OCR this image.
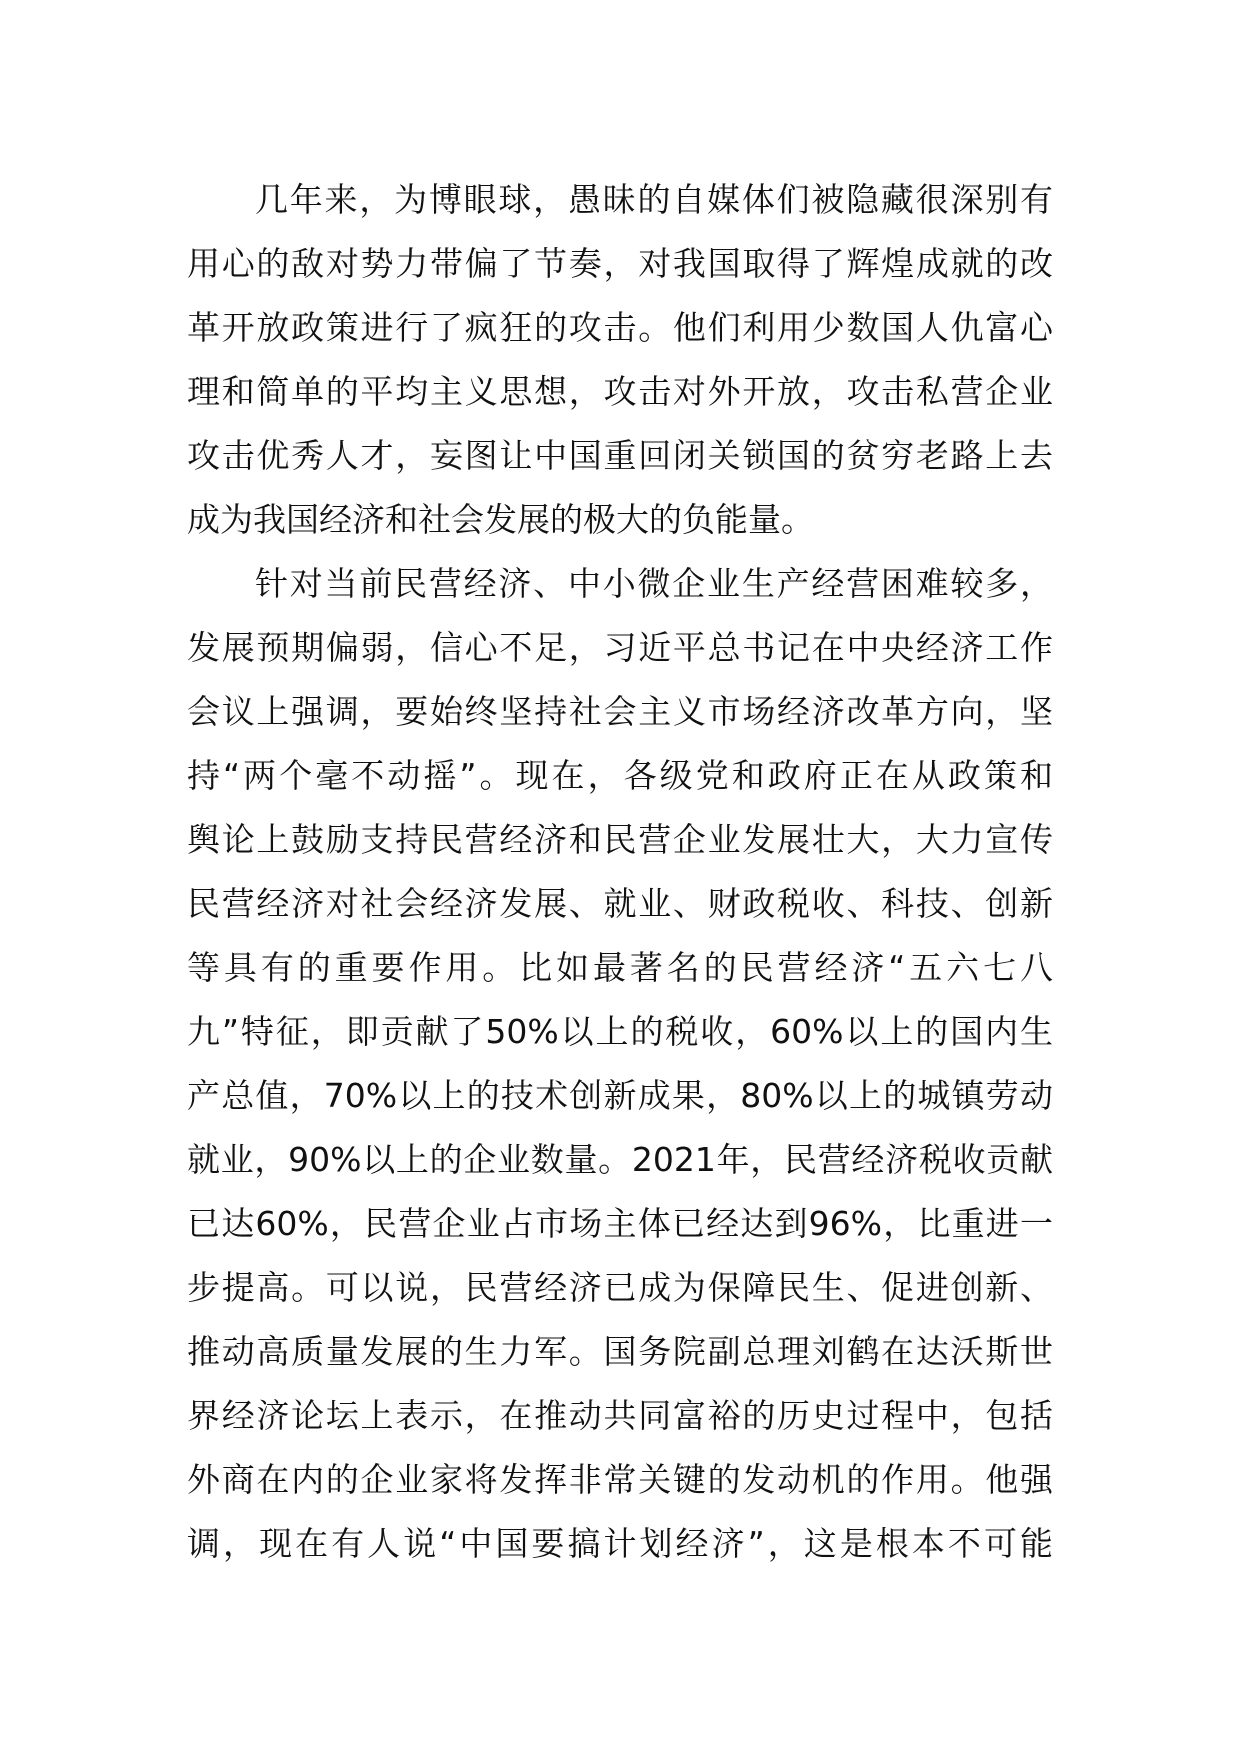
几年来，为博眼球，愚昧的自媒体们被隐藏很深别有
用心的敌对势力带偏了节奏，对我国取得了辉煌成就的改
革开放政策进行了疯狂的攻击。他们利用少数国人仇富心
理和简单的平均主义思想，攻击对外开放，攻击私营企业
攻击优秀人才，妄图让中国重回闭关锁国的贫穷老路上去
成为我国经济和社会发展的极大的负能量。
针对当前民营经济、中小微企业生产经营困难较多，
发展预期偏弱，信心不足，习近平总书记在中央经济工作
会议上强调，要始终坚持社会主义市场经济改革方向，坚
持“两个毫不动摇”。现在，各级党和政府正在从政策和
舆论上鼓励支持民营经济和民营企业发展壮大，大力宣传
民营经济对社会经济发展、就业、财政税收、科技、创新
等具有的重要作用。比如最著名的民营经济“五六七八
九”特征，即贡献了50%以上的税收，60%以上的国内生
产总值，70%以上的技术创新成果，80%以上的城镇劳动
就业，90%以上的企业数量。2021年，民营经济税收贡献
已达60%，民营企业占市场主体已经达到96%，比重进一
步提高。可以说，民营经济已成为保障民生、促进创新、
推动高质量发展的生力军。国务院副总理刘鹤在达沃斯世
界经济论坛上表示，在推动共同富裕的历史过程中，包括
外商在内的企业家将发挥非常关键的发动机的作用。他强
调，现在有人说“中国要搞计划经济”，这是根本不可能
